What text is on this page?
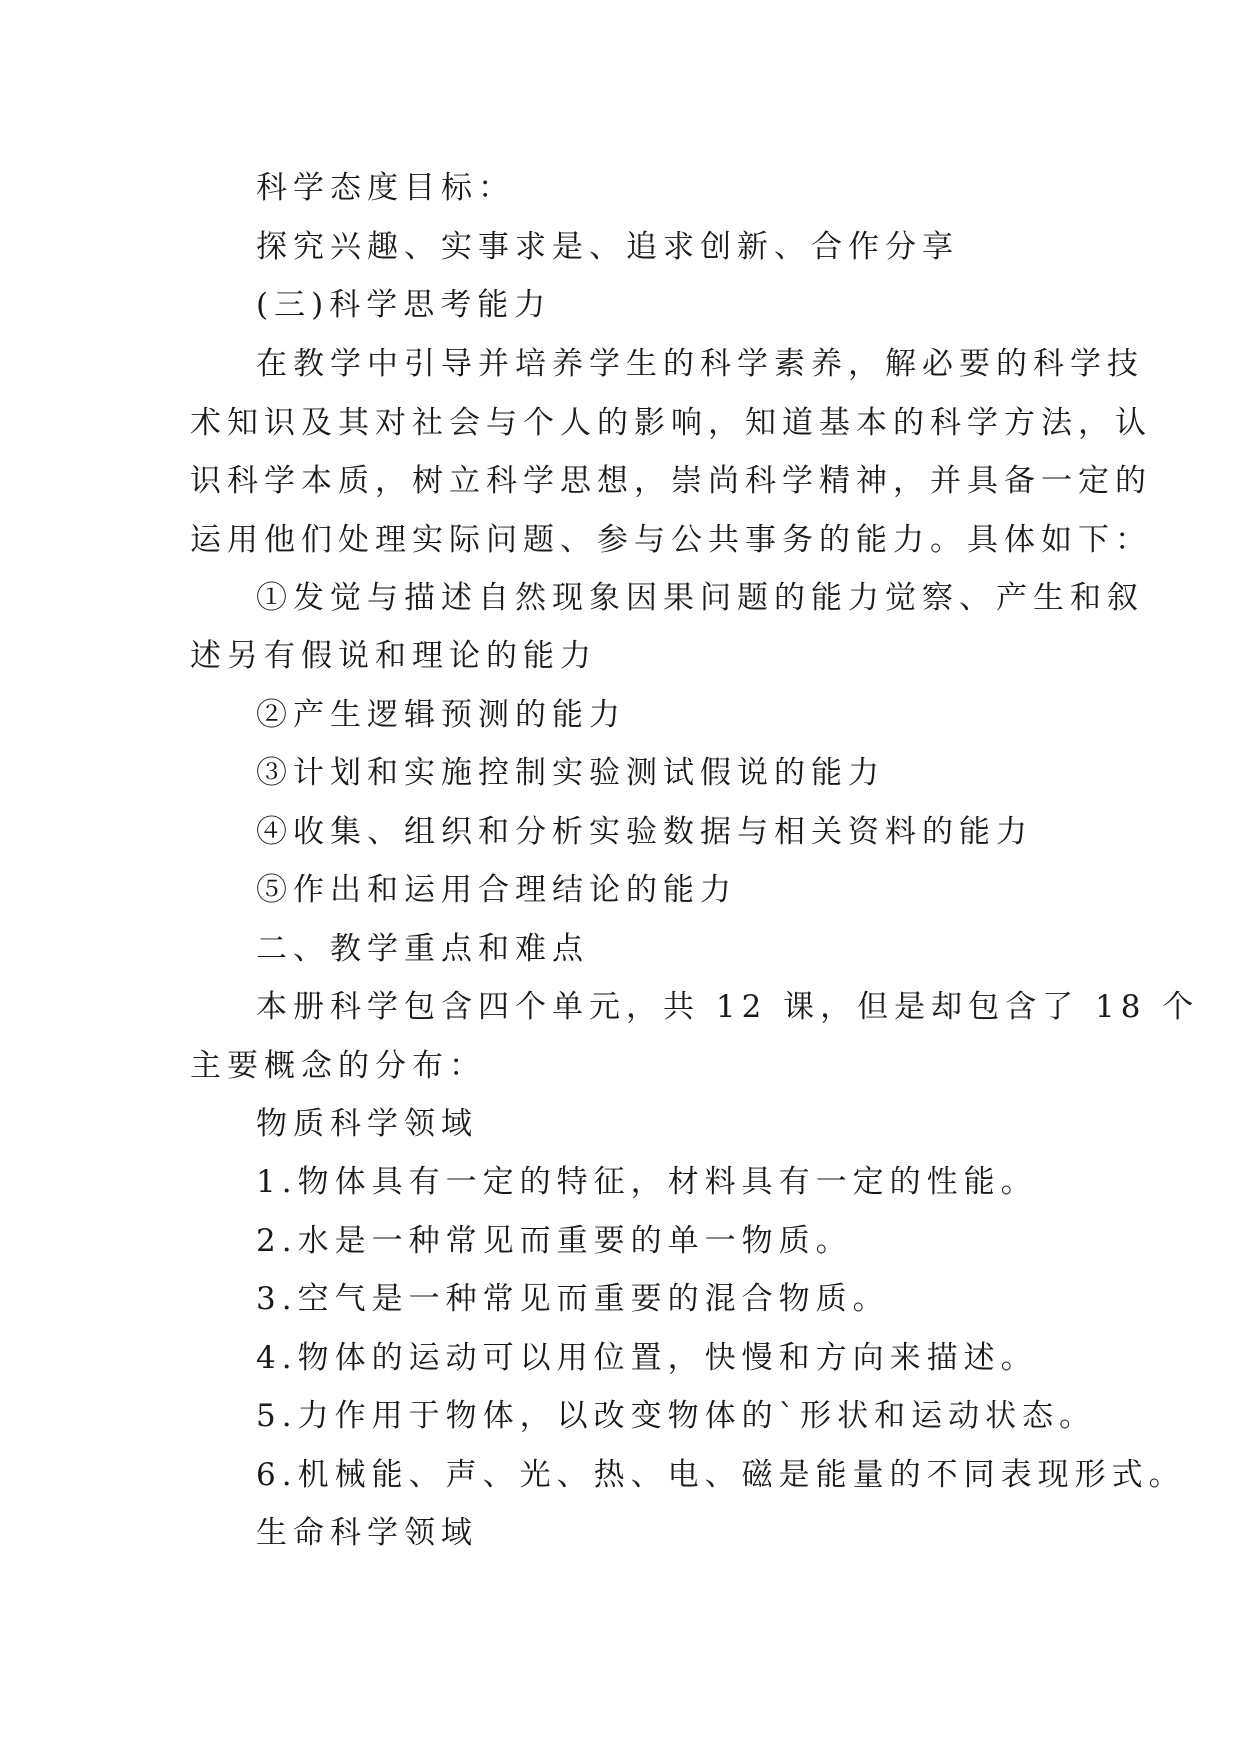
科学态度目标：
探究兴趣、实事求是、追求创新、合作分享
(三)科学思考能力
在教学中引导并培养学生的科学素养，解必要的科学技
术知识及其对社会与个人的影响，知道基本的科学方法，认
识科学本质，树立科学思想，崇尚科学精神，并具备一定的
运用他们处理实际问题、参与公共事务的能力。具体如下：
①发觉与描述自然现象因果问题的能力觉察、产生和叙
述另有假说和理论的能力
②产生逻辑预测的能力
③计划和实施控制实验测试假说的能力
④收集、组织和分析实验数据与相关资料的能力
⑤作出和运用合理结论的能力
二、教学重点和难点
本册科学包含四个单元，共 12 课，但是却包含了 18 个
主要概念的分布：
物质科学领域
1.物体具有一定的特征，材料具有一定的性能。
2.水是一种常见而重要的单一物质。
3.空气是一种常见而重要的混合物质。
4.物体的运动可以用位置，快慢和方向来描述。
5.力作用于物体，以改变物体的`形状和运动状态。
6.机械能、声、光、热、电、磁是能量的不同表现形式。
生命科学领域
